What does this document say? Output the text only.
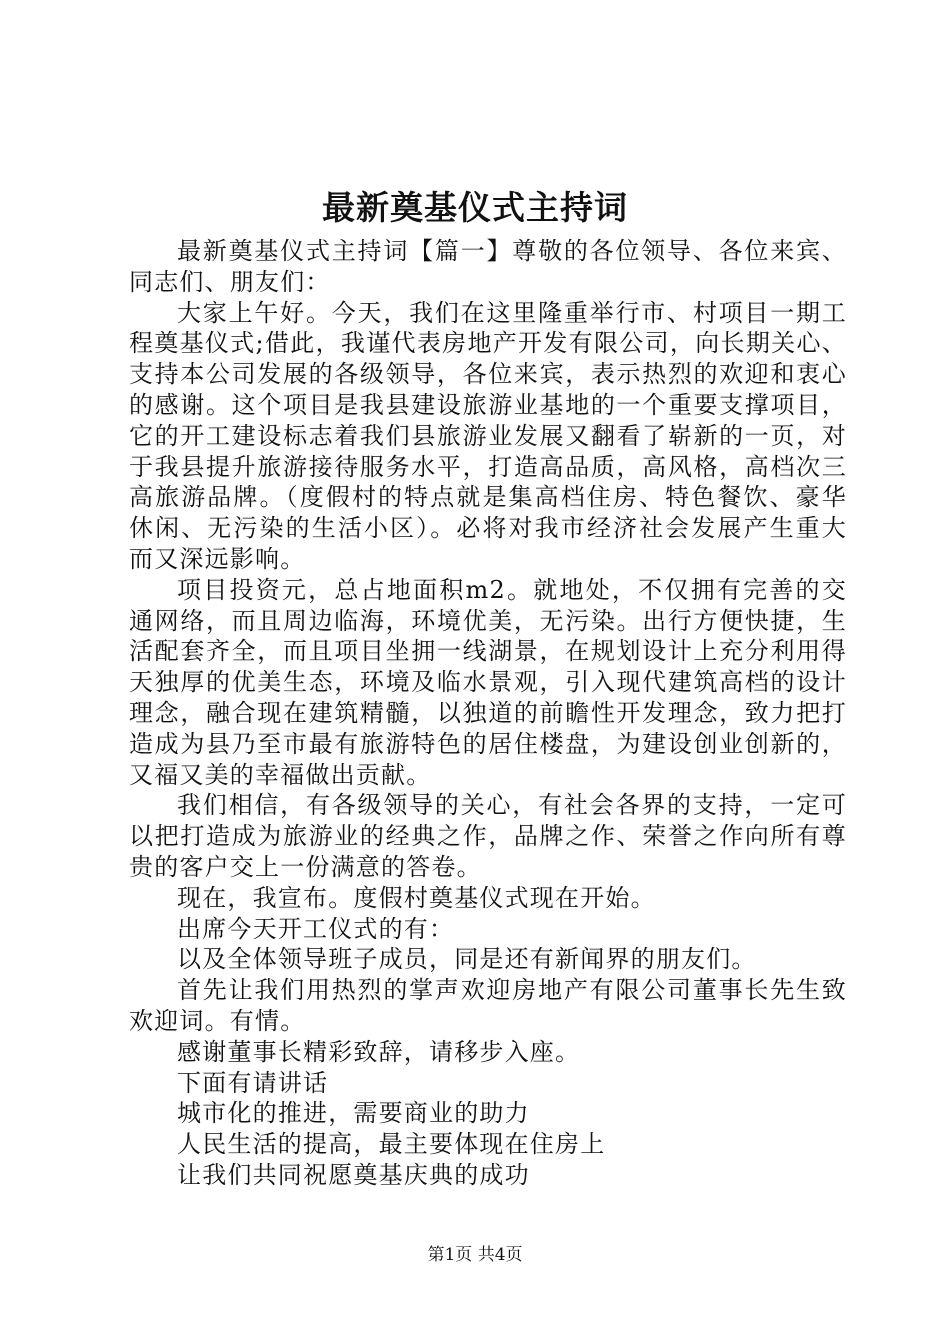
最新奠基仪式主持词

最新奠基仪式主持词【篇一】尊敬的各位领导、各位来宾、同志们、朋友们：

大家上午好。今天，我们在这里隆重举行市、村项目一期工程奠基仪式;借此，我谨代表房地产开发有限公司，向长期关心、支持本公司发展的各级领导，各位来宾，表示热烈的欢迎和衷心的感谢。这个项目是我县建设旅游业基地的一个重要支撑项目，它的开工建设标志着我们县旅游业发展又翻看了崭新的一页，对于我县提升旅游接待服务水平，打造高品质，高风格，高档次三高旅游品牌。（度假村的特点就是集高档住房、特色餐饮、豪华休闲、无污染的生活小区）。必将对我市经济社会发展产生重大而又深远影响。

项目投资元，总占地面积m2。就地处，不仅拥有完善的交通网络，而且周边临海，环境优美，无污染。出行方便快捷，生活配套齐全，而且项目坐拥一线湖景，在规划设计上充分利用得天独厚的优美生态，环境及临水景观，引入现代建筑高档的设计理念，融合现在建筑精髓，以独道的前瞻性开发理念，致力把打造成为县乃至市最有旅游特色的居住楼盘，为建设创业创新的，又福又美的幸福做出贡献。

我们相信，有各级领导的关心，有社会各界的支持，一定可以把打造成为旅游业的经典之作，品牌之作、荣誉之作向所有尊贵的客户交上一份满意的答卷。

现在，我宣布。度假村奠基仪式现在开始。

出席今天开工仪式的有：

以及全体领导班子成员，同是还有新闻界的朋友们。

首先让我们用热烈的掌声欢迎房地产有限公司董事长先生致欢迎词。有情。

感谢董事长精彩致辞，请移步入座。

下面有请讲话

城市化的推进，需要商业的助力

人民生活的提高，最主要体现在住房上

让我们共同祝愿奠基庆典的成功

第1页 共4页
